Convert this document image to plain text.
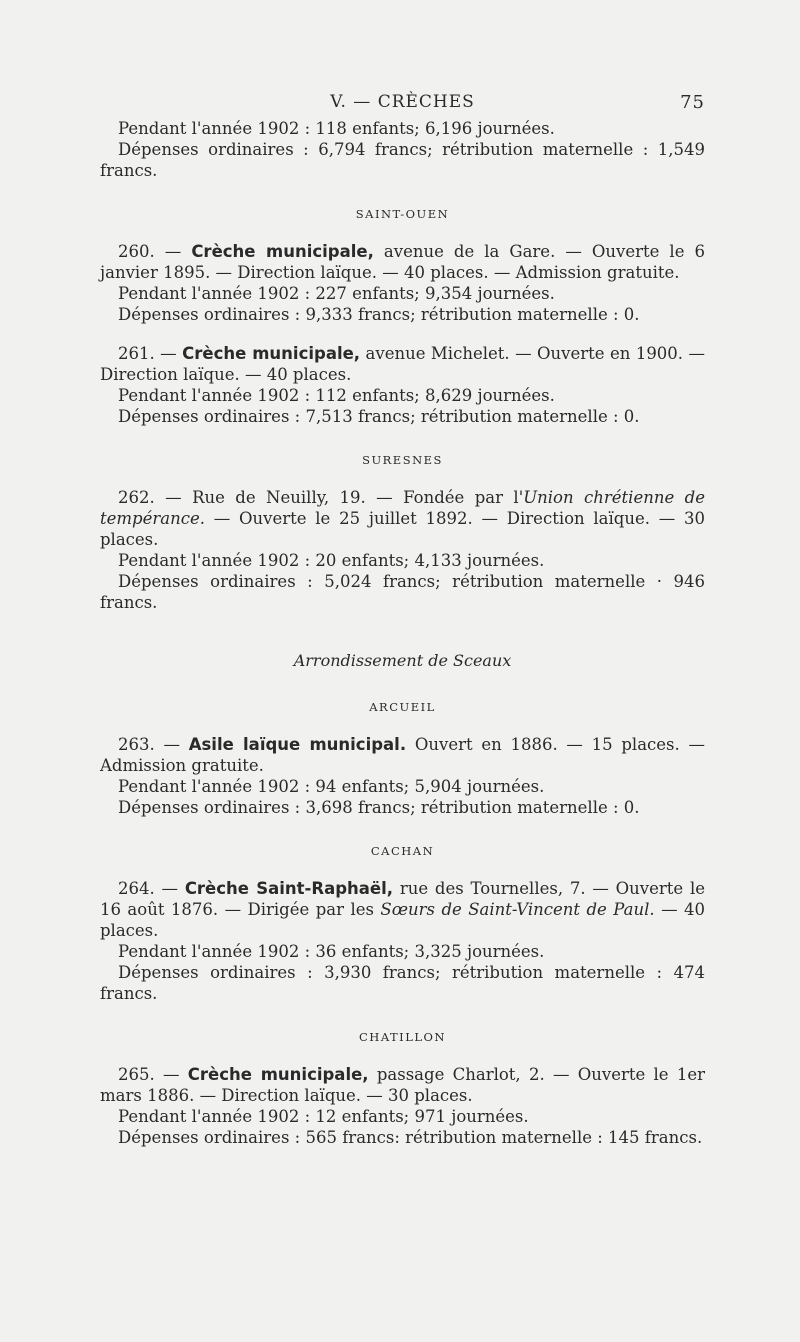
V. — CRÈCHES	75

Pendant l'année 1902 : 118 enfants; 6,196 journées.

Dépenses ordinaires : 6,794 francs; rétribution maternelle : 1,549 francs.

SAINT-OUEN

260. — Crèche municipale, avenue de la Gare. — Ouverte le 6 janvier 1895. — Direction laïque. — 40 places. — Admission gratuite.

Pendant l'année 1902 : 227 enfants; 9,354 journées.

Dépenses ordinaires : 9,333 francs; rétribution maternelle : 0.

261. — Crèche municipale, avenue Michelet. — Ouverte en 1900. — Direction laïque. — 40 places.

Pendant l'année 1902 : 112 enfants; 8,629 journées.

Dépenses ordinaires : 7,513 francs; rétribution maternelle : 0.

SURESNES

262. — Rue de Neuilly, 19. — Fondée par l'Union chrétienne de tempérance. — Ouverte le 25 juillet 1892. — Direction laïque. — 30 places.

Pendant l'année 1902 : 20 enfants; 4,133 journées.

Dépenses ordinaires : 5,024 francs; rétribution maternelle · 946 francs.

Arrondissement de Sceaux

ARCUEIL

263. — Asile laïque municipal. Ouvert en 1886. — 15 places. — Admission gratuite.

Pendant l'année 1902 : 94 enfants; 5,904 journées.

Dépenses ordinaires : 3,698 francs; rétribution maternelle : 0.

CACHAN

264. — Crèche Saint-Raphaël, rue des Tournelles, 7. — Ouverte le 16 août 1876. — Dirigée par les Sœurs de Saint-Vincent de Paul. — 40 places.

Pendant l'année 1902 : 36 enfants; 3,325 journées.

Dépenses ordinaires : 3,930 francs; rétribution maternelle : 474 francs.

CHATILLON

265. — Crèche municipale, passage Charlot, 2. — Ouverte le 1er mars 1886. — Direction laïque. — 30 places.

Pendant l'année 1902 : 12 enfants; 971 journées.

Dépenses ordinaires : 565 francs: rétribution maternelle : 145 francs.
